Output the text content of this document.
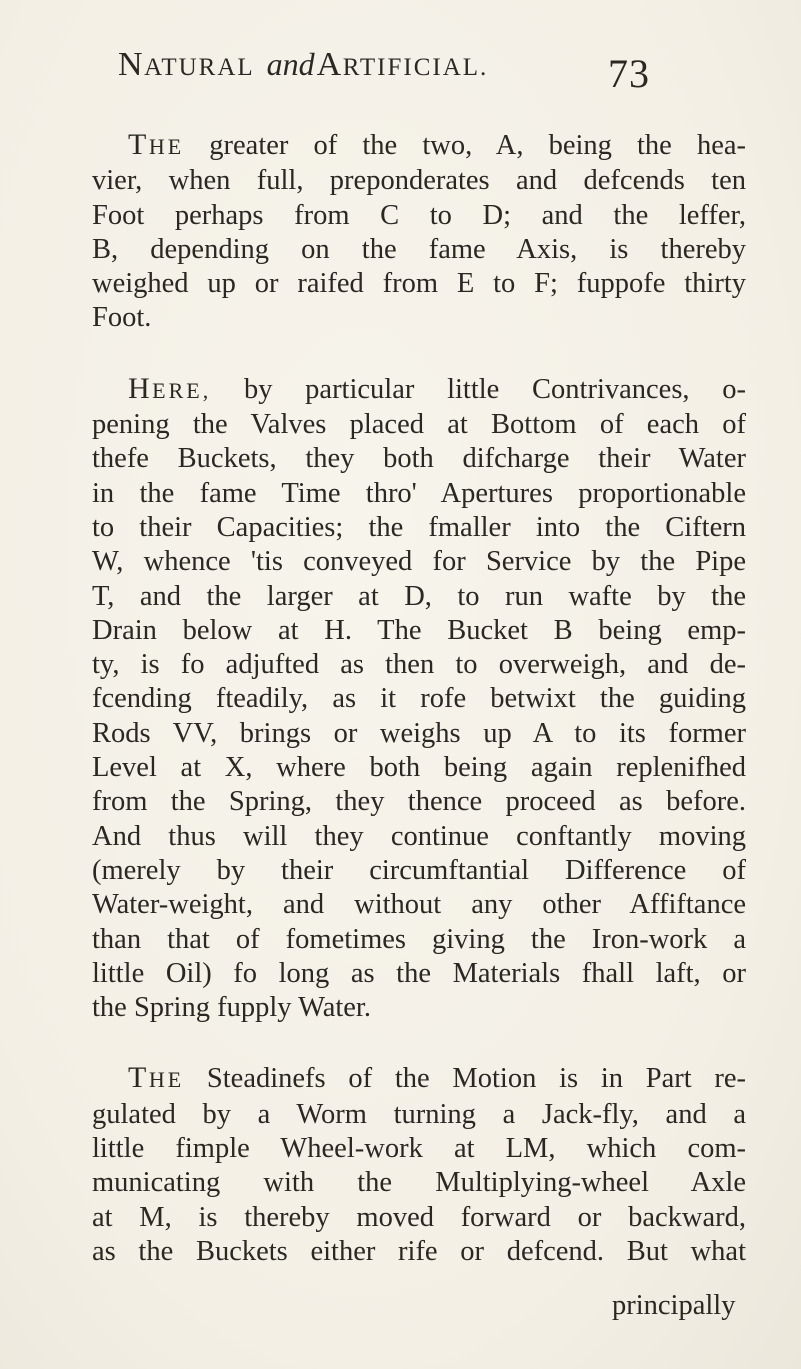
NATURAL andARTIFICIAL.	73
THE greater of the two, A, being the hea-
vier, when full, preponderates and defcends ten
Foot perhaps from C to D; and the leffer,
B, depending on the fame Axis, is thereby
weighed up or raifed from E to F; fuppofe thirty
Foot.
HERE, by particular little Contrivances, o-
pening the Valves placed at Bottom of each of
thefe Buckets, they both difcharge their Water
in the fame Time thro' Apertures proportionable
to their Capacities; the fmaller into the Ciftern
W, whence 'tis conveyed for Service by the Pipe
T, and the larger at D, to run wafte by the
Drain below at H. The Bucket B being emp-
ty, is fo adjufted as then to overweigh, and de-
fcending fteadily, as it rofe betwixt the guiding
Rods VV, brings or weighs up A to its former
Level at X, where both being again replenifhed
from the Spring, they thence proceed as before.
And thus will they continue conftantly moving
(merely by their circumftantial Difference of
Water-weight, and without any other Affiftance
than that of fometimes giving the Iron-work a
little Oil) fo long as the Materials fhall laft, or
the Spring fupply Water.
THE Steadinefs of the Motion is in Part re-
gulated by a Worm turning a Jack-fly, and a
little fimple Wheel-work at LM, which com-
municating with the Multiplying-wheel Axle
at M, is thereby moved forward or backward,
as the Buckets either rife or defcend. But what
principally
